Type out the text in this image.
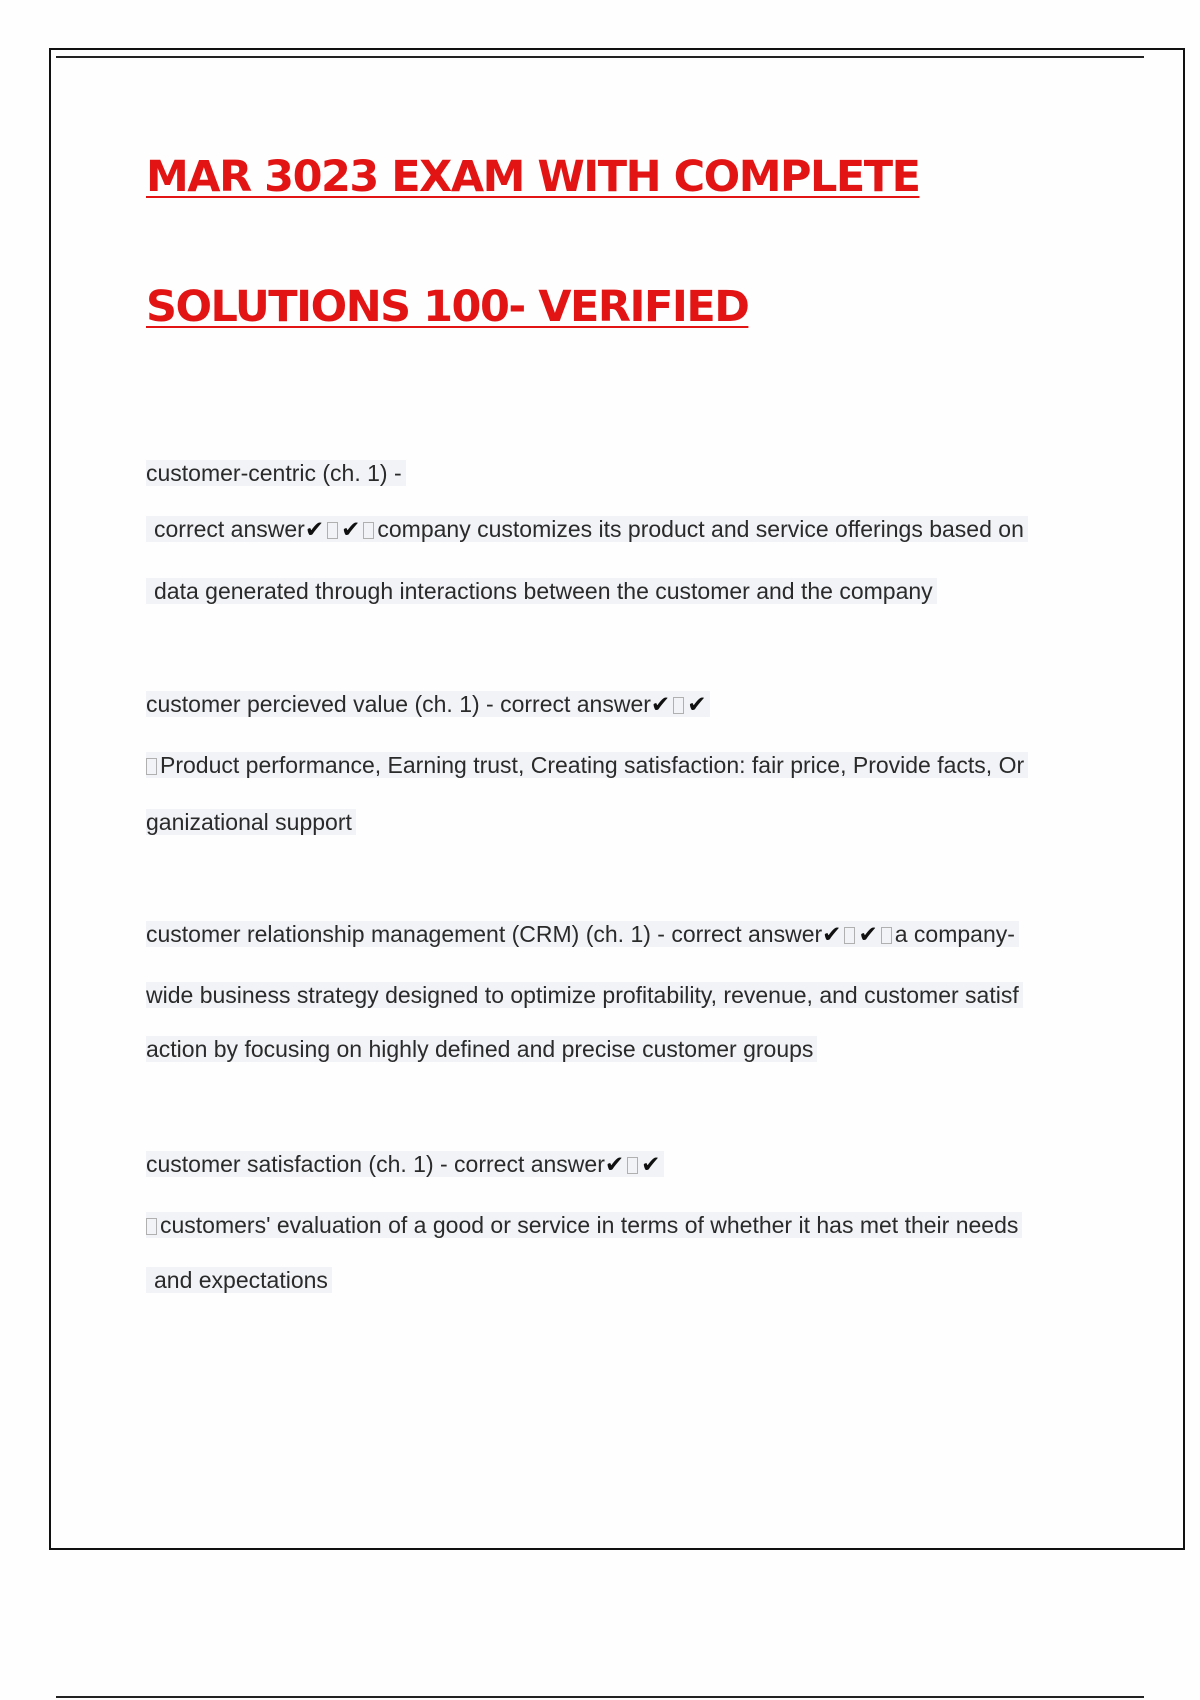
MAR 3023 EXAM WITH COMPLETE
SOLUTIONS 100- VERIFIED
customer-centric (ch. 1) -
correct answer✔ ✔ company customizes its product and service offerings based on
data generated through interactions between the customer and the company
customer percieved value (ch. 1) - correct answer✔ ✔
Product performance, Earning trust, Creating satisfaction: fair price, Provide facts, Or
ganizational support
customer relationship management (CRM) (ch. 1) - correct answer✔ ✔ a company-
wide business strategy designed to optimize profitability, revenue, and customer satisf
action by focusing on highly defined and precise customer groups
customer satisfaction (ch. 1) - correct answer✔ ✔
customers' evaluation of a good or service in terms of whether it has met their needs
and expectations
